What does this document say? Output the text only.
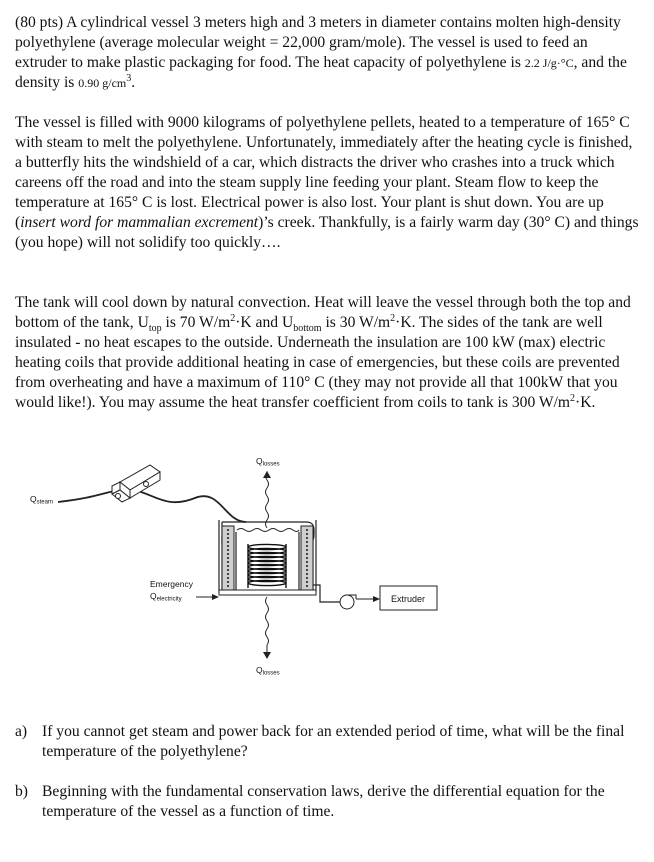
(80 pts) A cylindrical vessel 3 meters high and 3 meters in diameter contains molten high-density polyethylene (average molecular weight = 22,000 gram/mole). The vessel is used to feed an extruder to make plastic packaging for food. The heat capacity of polyethylene is 2.2 J/g·°C, and the density is 0.90 $g/cm^3$.

The vessel is filled with 9000 kilograms of polyethylene pellets, heated to a temperature of 165° C with steam to melt the polyethylene. Unfortunately, immediately after the heating cycle is finished, a butterfly hits the windshield of a car, which distracts the driver who crashes into a truck which careens off the road and into the steam supply line feeding your plant. Steam flow to keep the temperature at 165° C is lost. Electrical power is also lost. Your plant is shut down. You are up (insert word for mammalian excrement)’s creek. Thankfully, is a fairly warm day (30° C) and things (you hope) will not solidify too quickly….

The tank will cool down by natural convection. Heat will leave the vessel through both the top and bottom of the tank, $U_{top}$ is 70 $W/m^2\cdot K$ and $U_{bottom}$ is 30 $W/m^2\cdot K$. The sides of the tank are well insulated - no heat escapes to the outside. Underneath the insulation are 100 kW (max) electric heating coils that provide additional heating in case of emergencies, but these coils are prevented from overheating and have a maximum of 110° C (they may not provide all that 100kW that you would like!). You may assume the heat transfer coefficient from coils to tank is 300 $W/m^2\cdot K$.

Qlosses
Qsteam
Emergency
Qelectricity	Extruder
Qlosses
a) If you cannot get steam and power back for an extended period of time, what will be the final temperature of the polyethylene?
b) Beginning with the fundamental conservation laws, derive the differential equation for the temperature of the vessel as a function of time.
